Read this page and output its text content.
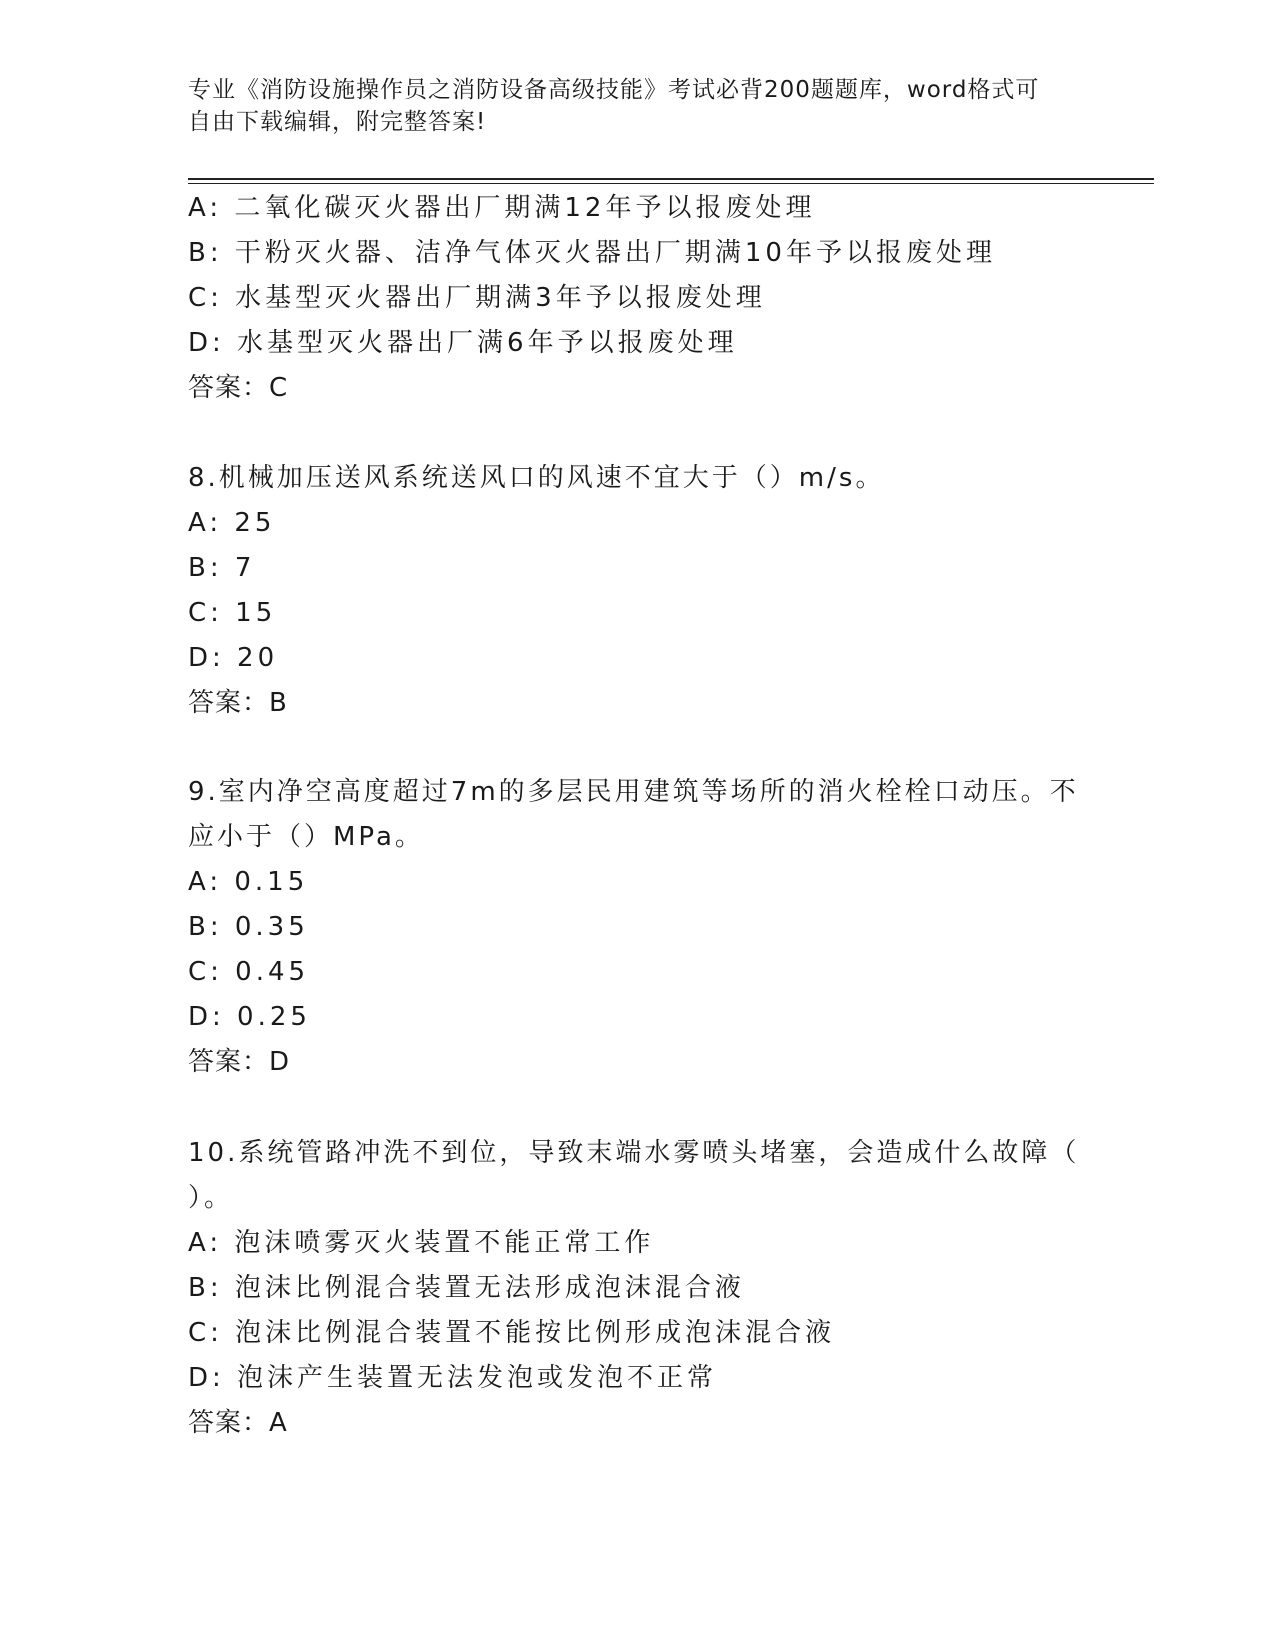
专业《消防设施操作员之消防设备高级技能》考试必背200题题库，word格式可
自由下载编辑，附完整答案!
A: 二氧化碳灭火器出厂期满12年予以报废处理
B: 干粉灭火器、洁净气体灭火器出厂期满10年予以报废处理
C: 水基型灭火器出厂期满3年予以报废处理
D: 水基型灭火器出厂满6年予以报废处理
答案：C
8.机械加压送风系统送风口的风速不宜大于（）m/s。
A: 25
B: 7
C: 15
D: 20
答案：B
9.室内净空高度超过7m的多层民用建筑等场所的消火栓栓口动压。不
应小于（）MPa。
A: 0.15
B: 0.35
C: 0.45
D: 0.25
答案：D
10.系统管路冲洗不到位，导致末端水雾喷头堵塞，会造成什么故障（
）。
A: 泡沫喷雾灭火装置不能正常工作
B: 泡沫比例混合装置无法形成泡沫混合液
C: 泡沫比例混合装置不能按比例形成泡沫混合液
D: 泡沫产生装置无法发泡或发泡不正常
答案：A
